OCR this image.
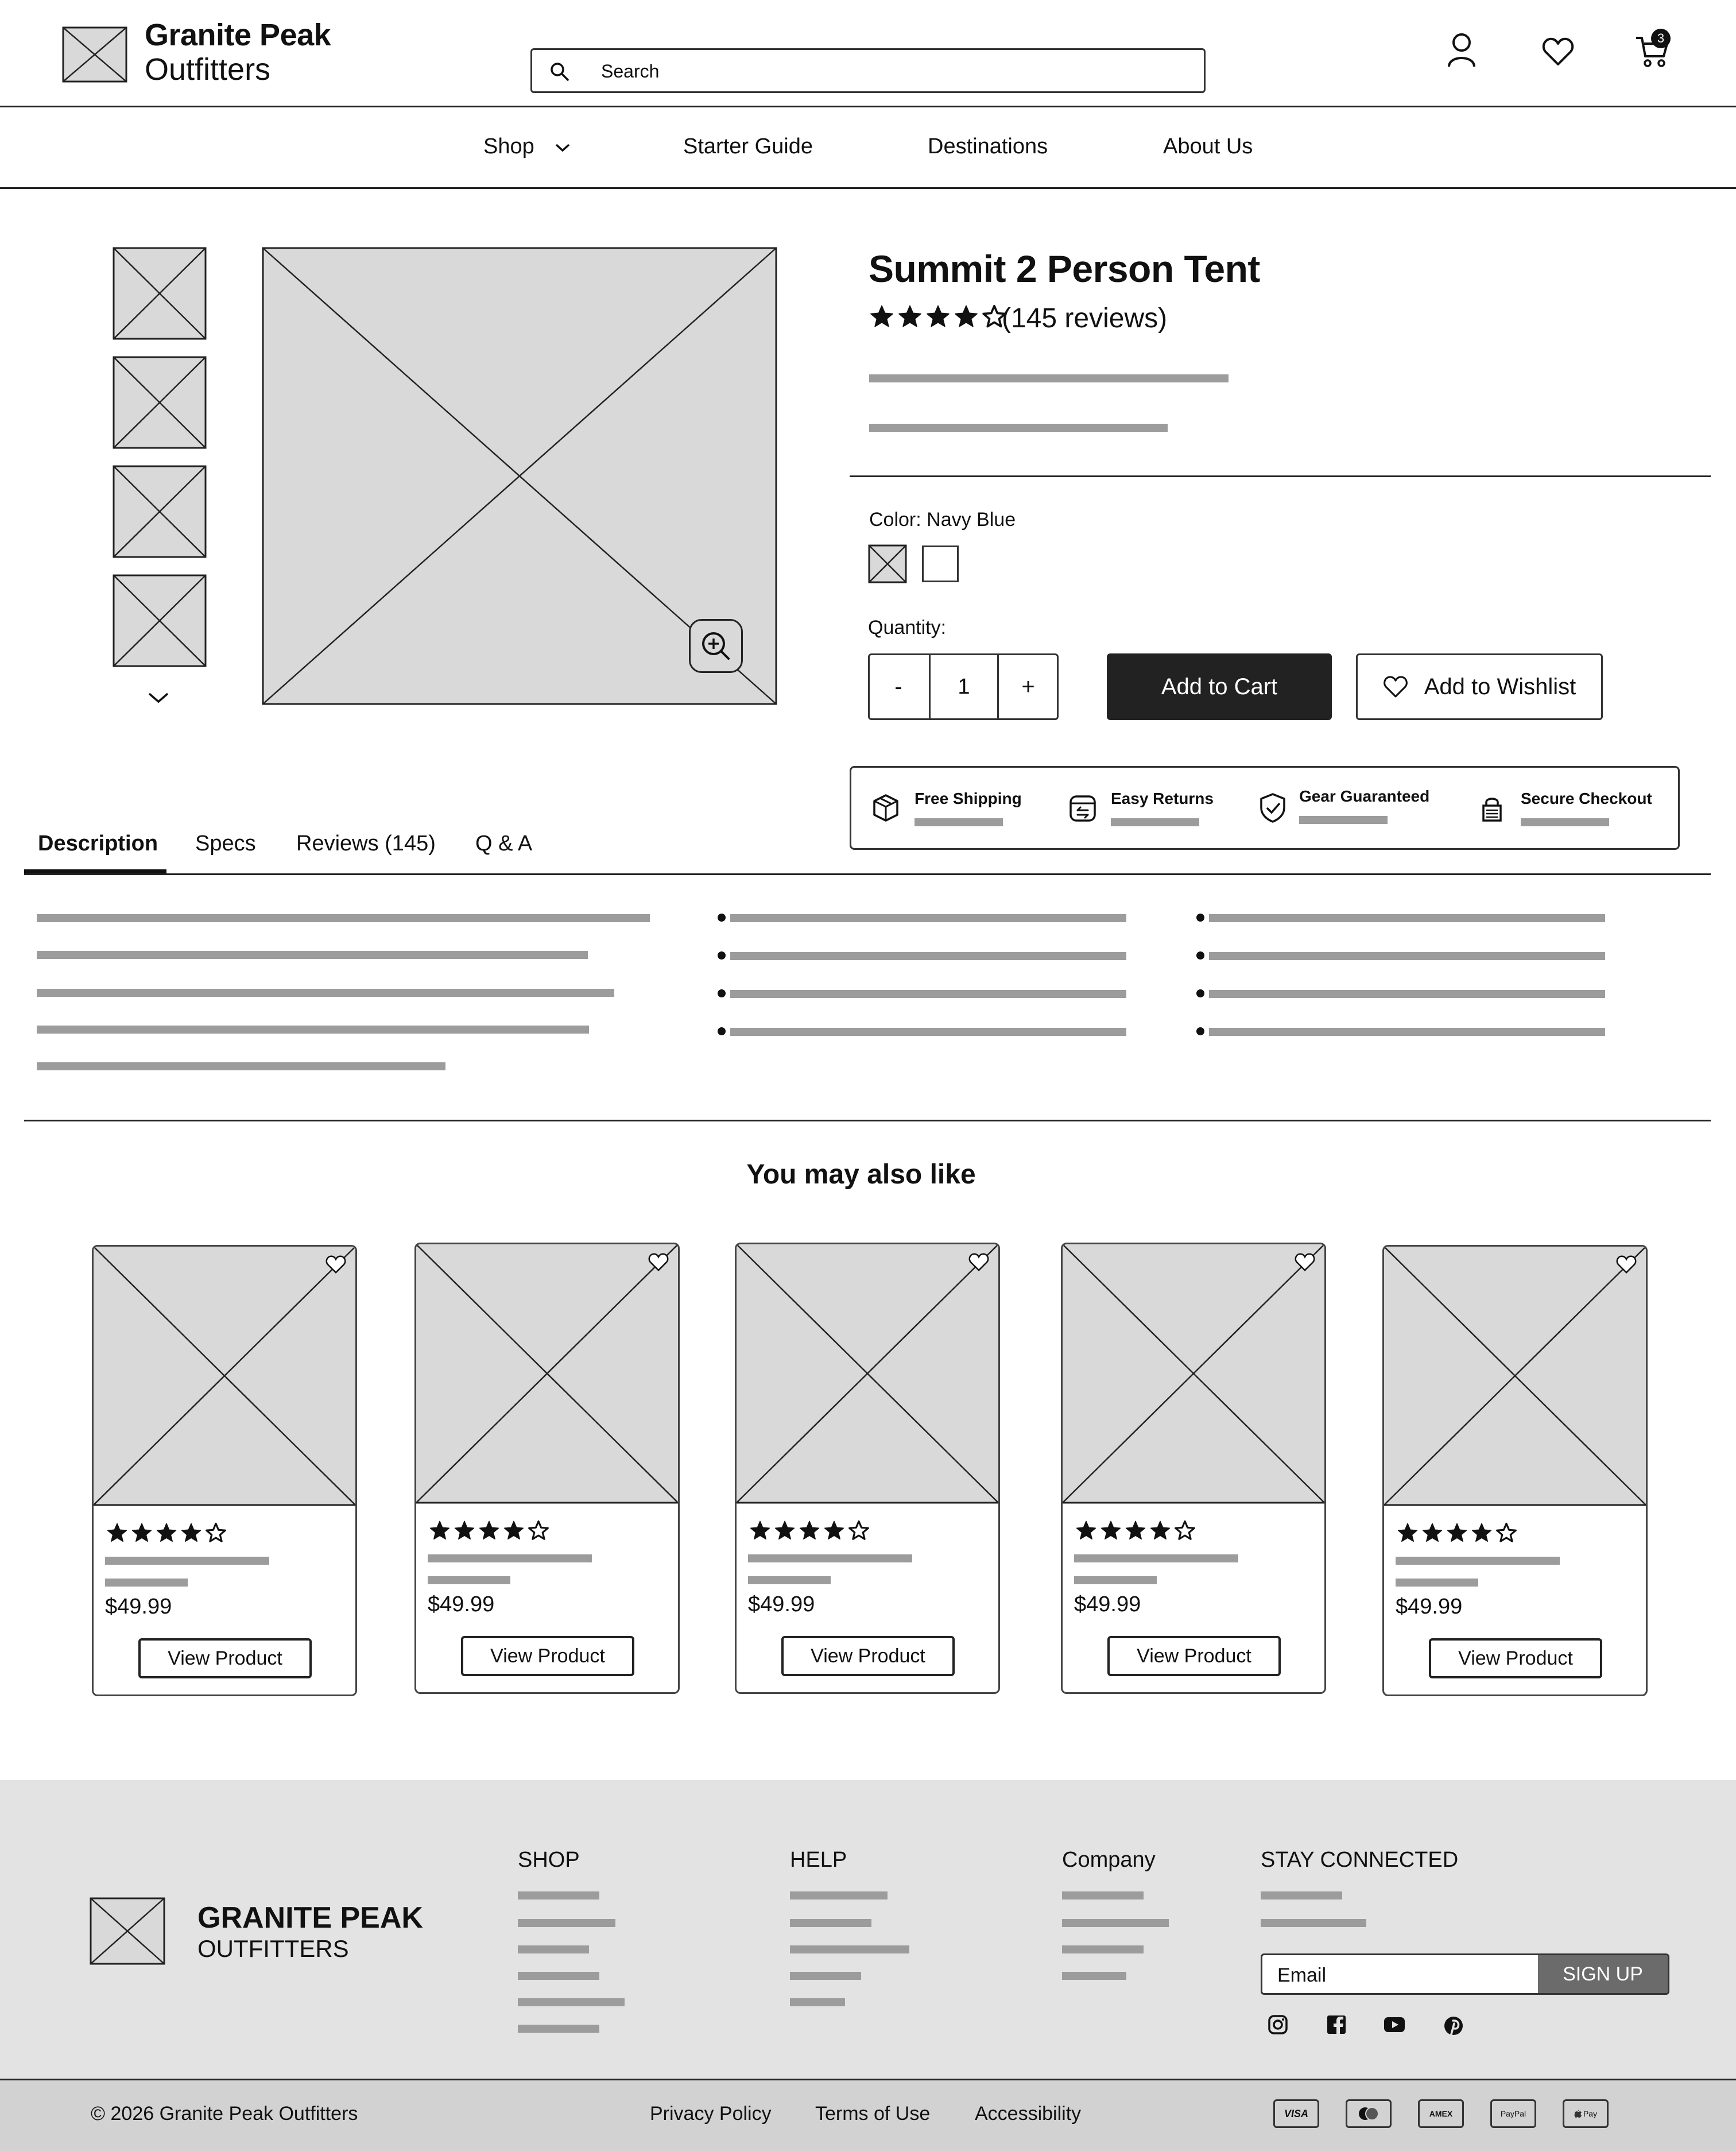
Granite Peak
Outfitters
Search
3
Shop	Starter Guide	Destinations	About Us
Summit 2 Person Tent
(145 reviews)
Color: Navy Blue
Quantity:
-	1	+	Add to Cart	Add to Wishlist
Free Shipping	Easy Returns	Gear Guaranteed	Secure Checkout
Description Specs Reviews (145) Q & A
You may also like
$49.99
View Product
$49.99
View Product
$49.99
View Product
$49.99
View Product
$49.99
View Product
GRANITE PEAK
OUTFITTERS
SHOP	HELP	Company	STAY CONNECTED
Email
SIGN UP
© 2026 Granite Peak Outfitters	Privacy Policy Terms of Use Accessibility	VISA	AMEX	PayPal	Pay
